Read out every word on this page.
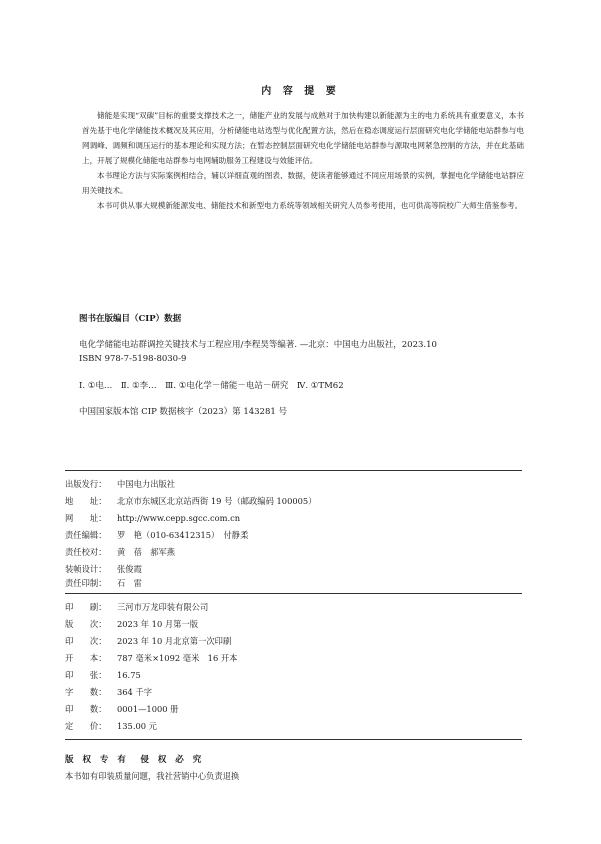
内 容 提 要

储能是实现“双碳”目标的重要支撑技术之一，储能产业的发展与成熟对于加快构建以新能源为主的电力系统具有重要意义，本书首先基于电化学储能技术概况及其应用，分析储能电站选型与优化配置方法，然后在稳态调度运行层面研究电化学储能电站群参与电网调峰、调频和调压运行的基本理论和实现方法；在暂态控制层面研究电化学储能电站群参与源取电网紧急控制的方法，并在此基础上，开展了规模化储能电站群参与电网辅助服务工程建设与效能评估。

本书理论方法与实际案例相结合，辅以详细直观的图表、数据，使读者能够通过不同应用场景的实例，掌握电化学储能电站群应用关键技术。

本书可供从事大规模新能源发电、储能技术和新型电力系统等领域相关研究人员参考使用，也可供高等院校广大师生借鉴参考。

图书在版编目（CIP）数据
电化学储能电站群调控关键技术与工程应用/李程昊等编著. —北京：中国电力出版社，2023.10
ISBN 978-7-5198-8030-9
Ⅰ. ①电…　Ⅱ. ①李…　Ⅲ. ①电化学－储能－电站－研究　Ⅳ. ①TM62
中国国家版本馆 CIP 数据核字（2023）第 143281 号
出版发行： 中国电力出版社
地　　址： 北京市东城区北京站西街 19 号（邮政编码 100005）
网　　址： http://www.cepp.sgcc.com.cn
责任编辑： 罗　艳（010-63412315）　付静柔
责任校对： 黄　蓓　郝军燕
装帧设计： 张俊霞
责任印制： 石　雷
印　　刷： 三河市万龙印装有限公司
版　　次： 2023 年 10 月第一版
印　　次： 2023 年 10 月北京第一次印刷
开　　本： 787 毫米×1092 毫米　16 开本
印　　张： 16.75
字　　数： 364 千字
印　　数： 0001—1000 册
定　　价： 135.00 元
版 权 专 有　侵 权 必 究
本书如有印装质量问题，我社营销中心负责退换
